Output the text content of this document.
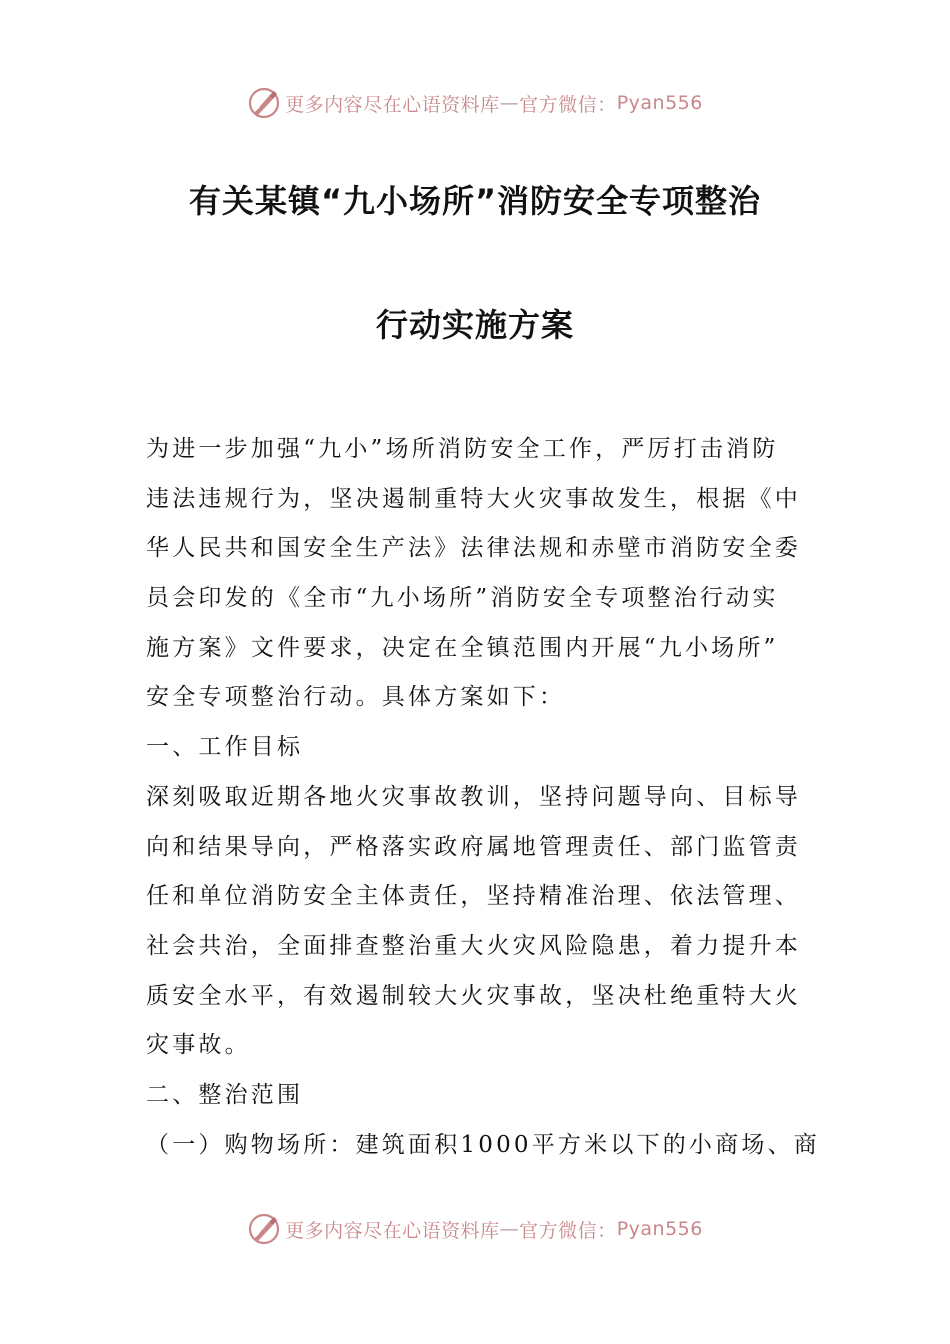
更多内容尽在心语资料库 — 官方微信： Pyan556
有关某镇“九小场所”消防安全专项整治
行动实施方案

为进一步加强“九小”场所消防安全工作，严厉打击消防

违法违规行为，坚决遏制重特大火灾事故发生，根据《中

华人民共和国安全生产法》法律法规和赤壁市消防安全委

员会印发的《全市“九小场所”消防安全专项整治行动实

施方案》文件要求，决定在全镇范围内开展“九小场所”

安全专项整治行动。具体方案如下：

一、工作目标

深刻吸取近期各地火灾事故教训，坚持问题导向、目标导

向和结果导向，严格落实政府属地管理责任、部门监管责

任和单位消防安全主体责任，坚持精准治理、依法管理、

社会共治，全面排查整治重大火灾风险隐患，着力提升本

质安全水平，有效遏制较大火灾事故，坚决杜绝重特大火

灾事故。

二、整治范围

（一）购物场所：建筑面积1000平方米以下的小商场、商

更多内容尽在心语资料库 — 官方微信： Pyan556
